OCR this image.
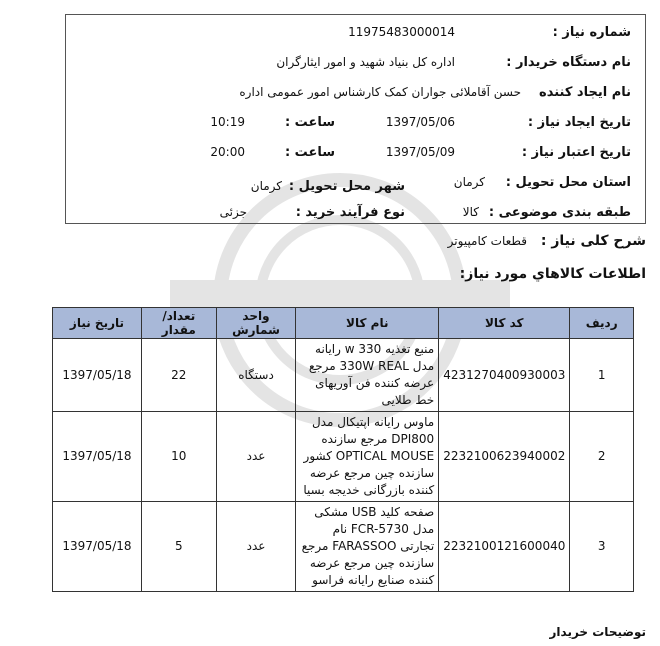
شماره نیاز :
11975483000014
نام دستگاه خریدار :
اداره کل بنیاد شهید و امور ایثارگران
نام ایجاد کننده
حسن آقاملائی جواران کمک کارشناس امور عمومی اداره
تاریخ ایجاد نیاز :
1397/05/06
ساعت :
10:19
تاریخ اعتبار نیاز :
1397/05/09
ساعت :
20:00
استان محل تحویل :
کرمان
شهر محل تحویل :
کرمان
طبقه بندی موضوعی :
کالا
نوع فرآیند خرید :
جزئی
شرح کلی نیاز :
قطعات کامپیوتر
اطلاعات کالاهاي مورد نیاز:
ردیف	کد کالا	نام کالا	واحد شمارش	تعداد/ مقدار	تاریخ نیاز
1	4231270400930003	منبع تغذیه w 330 رایانه مدل 330W REAL مرجع عرضه کننده فن آوریهای خط طلایی	دستگاه	22	1397/05/18
2	2232100623940002	ماوس رایانه اپتیکال مدل DPI800 مرجع سازنده OPTICAL MOUSE کشور سازنده چین مرجع عرضه کننده بازرگانی خدیجه بسیا	عدد	10	1397/05/18
3	2232100121600040	صفحه کلید USB مشکی مدل FCR-5730 نام تجارتی FARASSOO مرجع سازنده چین مرجع عرضه کننده صنایع رایانه فراسو	عدد	5	1397/05/18
توضیحات خریدار
